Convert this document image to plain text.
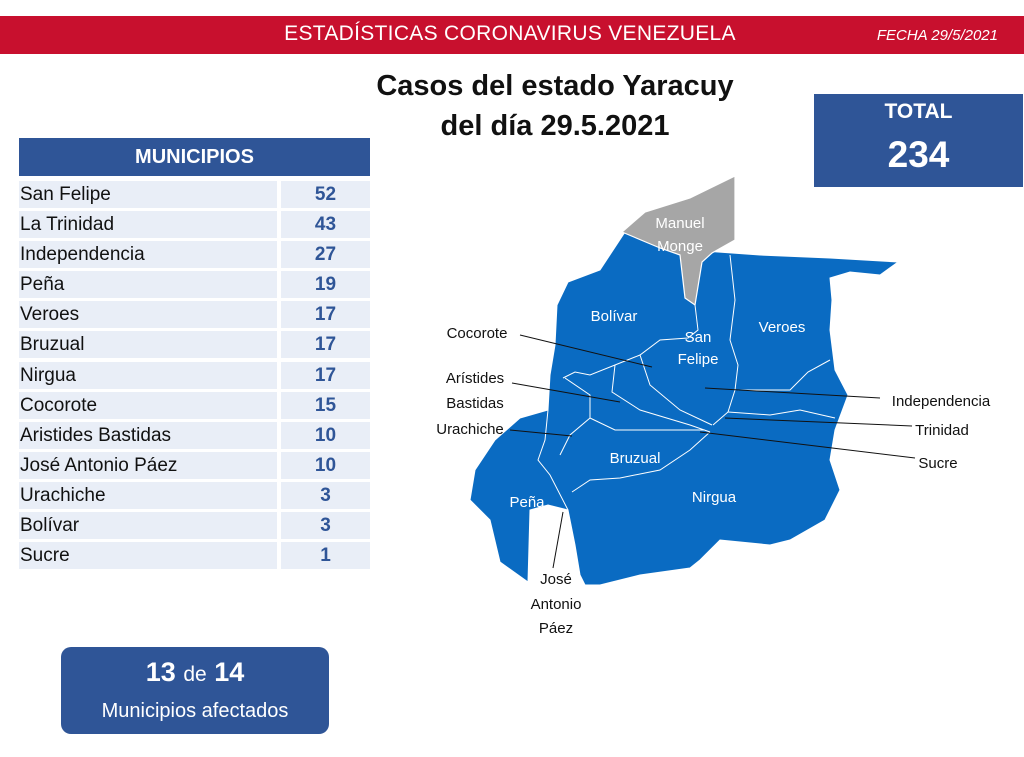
ESTADÍSTICAS CORONAVIRUS VENEZUELA	FECHA 29/5/2021
Casos del estado Yaracuy
del día 29.5.2021	TOTAL
234
MUNICIPIOS
San Felipe	52
La Trinidad	43
Independencia	27
Peña	19
Veroes	17
Bruzual	17
Nirgua	17
Cocorote	15
Aristides Bastidas	10
José Antonio Páez	10
Urachiche	3
Bolívar	3
Sucre	1
Manuel
Monge
Bolívar
San
Felipe
Veroes
Bruzual
Nirgua
Peña
Cocorote
Arístides
Bastidas
Urachiche
Independencia
Trinidad
Sucre
José
Antonio
Páez
13 de 14
Municipios afectados
